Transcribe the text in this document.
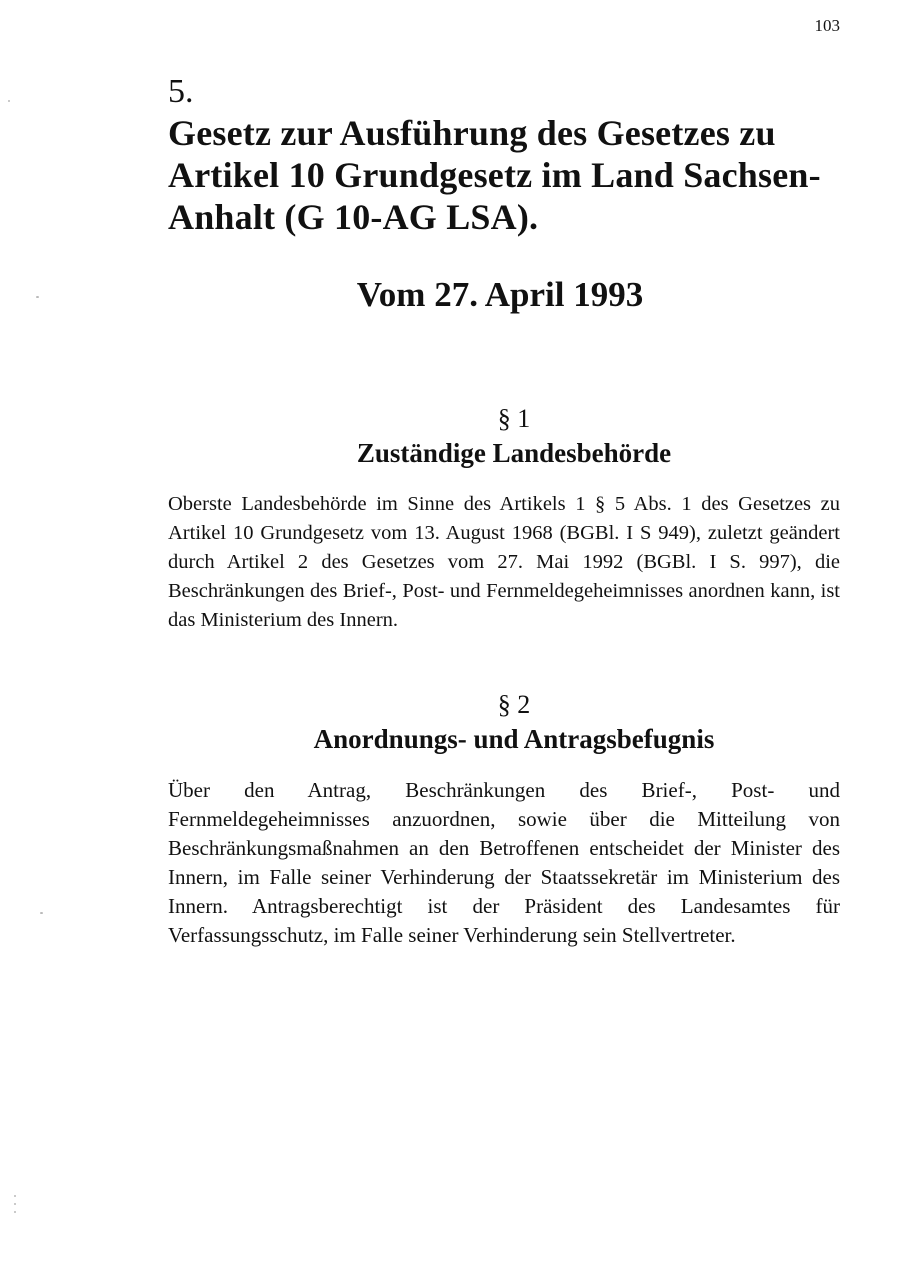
103
5.
Gesetz zur Ausführung des Gesetzes zu Artikel 10 Grundgesetz im Land Sachsen-Anhalt (G 10-AG LSA).
Vom 27. April 1993
§ 1
Zuständige Landesbehörde

Oberste Landesbehörde im Sinne des Artikels 1 § 5 Abs. 1 des Gesetzes zu Artikel 10 Grundgesetz vom 13. August 1968 (BGBl. I S 949), zuletzt geändert durch Artikel 2 des Gesetzes vom 27. Mai 1992 (BGBl. I S. 997), die Beschränkungen des Brief-, Post- und Fernmeldegeheimnisses anordnen kann, ist das Ministerium des Innern.

§ 2
Anordnungs- und Antragsbefugnis

Über den Antrag, Beschränkungen des Brief-, Post- und Fernmeldegeheimnisses anzuordnen, sowie über die Mitteilung von Beschränkungsmaßnahmen an den Betroffenen entscheidet der Minister des Innern, im Falle seiner Verhinderung der Staatssekretär im Ministerium des Innern. Antragsberechtigt ist der Präsident des Landesamtes für Verfassungsschutz, im Falle seiner Verhinderung sein Stellvertreter.
